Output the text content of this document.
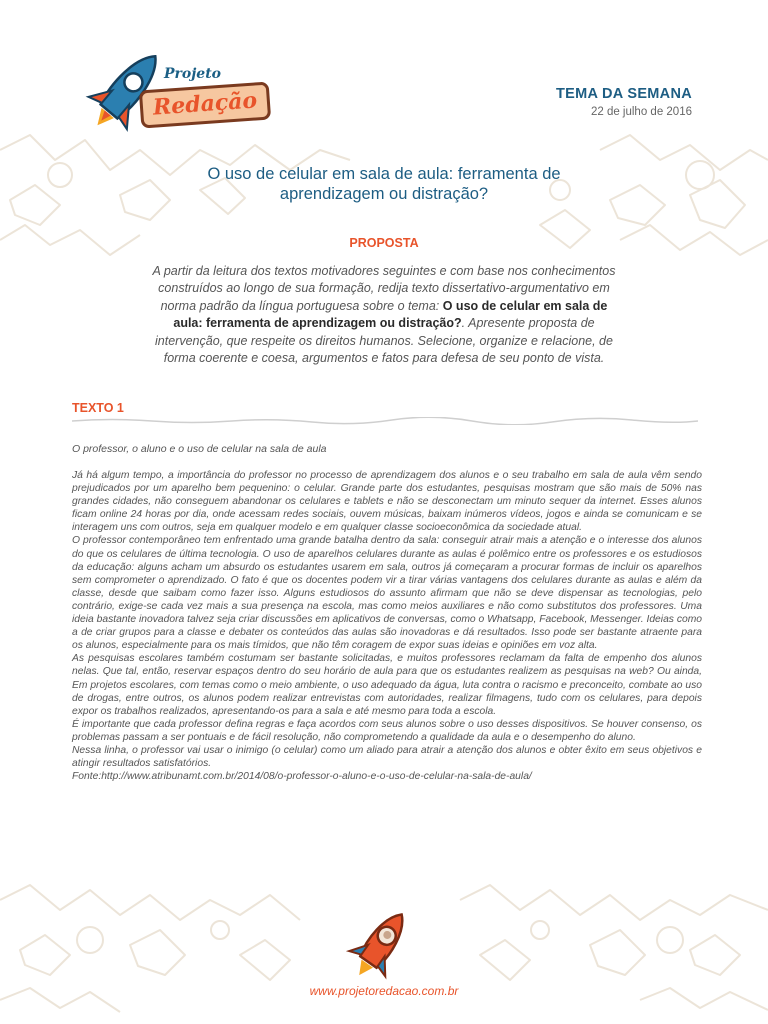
Projeto
Redação	TEMA DA SEMANA
22 de julho de 2016
O uso de celular em sala de aula: ferramenta de
aprendizagem ou distração?
PROPOSTA
A partir da leitura dos textos motivadores seguintes e com base nos conhecimentos construídos ao longo de sua formação, redija texto dissertativo-argumentativo em norma padrão da língua portuguesa sobre o tema: O uso de celular em sala de aula: ferramenta de aprendizagem ou distração?. Apresente proposta de intervenção, que respeite os direitos humanos. Selecione, organize e relacione, de forma coerente e coesa, argumentos e fatos para defesa de seu ponto de vista.
TEXTO 1
O professor, o aluno e o uso de celular na sala de aula

Já há algum tempo, a importância do professor no processo de aprendizagem dos alunos e o seu trabalho em sala de aula vêm sendo prejudicados por um aparelho bem pequenino: o celular. Grande parte dos estudantes, pesquisas mostram que são mais de 50% nas grandes cidades, não conseguem abandonar os celulares e tablets e não se desconectam um minuto sequer da internet. Esses alunos ficam online 24 horas por dia, onde acessam redes sociais, ouvem músicas, baixam inúmeros vídeos, jogos e ainda se comunicam e se interagem uns com outros, seja em qualquer modelo e em qualquer classe socioeconômica da sociedade atual.

O professor contemporâneo tem enfrentado uma grande batalha dentro da sala: conseguir atrair mais a atenção e o interesse dos alunos do que os celulares de última tecnologia. O uso de aparelhos celulares durante as aulas é polêmico entre os professores e os estudiosos da educação: alguns acham um absurdo os estudantes usarem em sala, outros já começaram a procurar formas de incluir os aparelhos sem comprometer o aprendizado. O fato é que os docentes podem vir a tirar várias vantagens dos celulares durante as aulas e além da classe, desde que saibam como fazer isso. Alguns estudiosos do assunto afirmam que não se deve dispensar as tecnologias, pelo contrário, exige-se cada vez mais a sua presença na escola, mas como meios auxiliares e não como substitutos dos professores. Uma ideia bastante inovadora talvez seja criar discussões em aplicativos de conversas, como o Whatsapp, Facebook, Messenger. Ideias como a de criar grupos para a classe e debater os conteúdos das aulas são inovadoras e dá resultados. Isso pode ser bastante atraente para os alunos, especialmente para os mais tímidos, que não têm coragem de expor suas ideias e opiniões em voz alta.

As pesquisas escolares também costumam ser bastante solicitadas, e muitos professores reclamam da falta de empenho dos alunos nelas. Que tal, então, reservar espaços dentro do seu horário de aula para que os estudantes realizem as pesquisas na web? Ou ainda, Em projetos escolares, com temas como o meio ambiente, o uso adequado da água, luta contra o racismo e preconceito, combate ao uso de drogas, entre outros, os alunos podem realizar entrevistas com autoridades, realizar filmagens, tudo com os celulares, para depois expor os trabalhos realizados, apresentando-os para a sala e até mesmo para toda a escola.

É importante que cada professor defina regras e faça acordos com seus alunos sobre o uso desses dispositivos. Se houver consenso, os problemas passam a ser pontuais e de fácil resolução, não comprometendo a qualidade da aula e o desempenho do aluno.

Nessa linha, o professor vai usar o inimigo (o celular) como um aliado para atrair a atenção dos alunos e obter êxito em seus objetivos e atingir resultados satisfatórios.

Fonte:http://www.atribunamt.com.br/2014/08/o-professor-o-aluno-e-o-uso-de-celular-na-sala-de-aula/

www.projetoredacao.com.br
